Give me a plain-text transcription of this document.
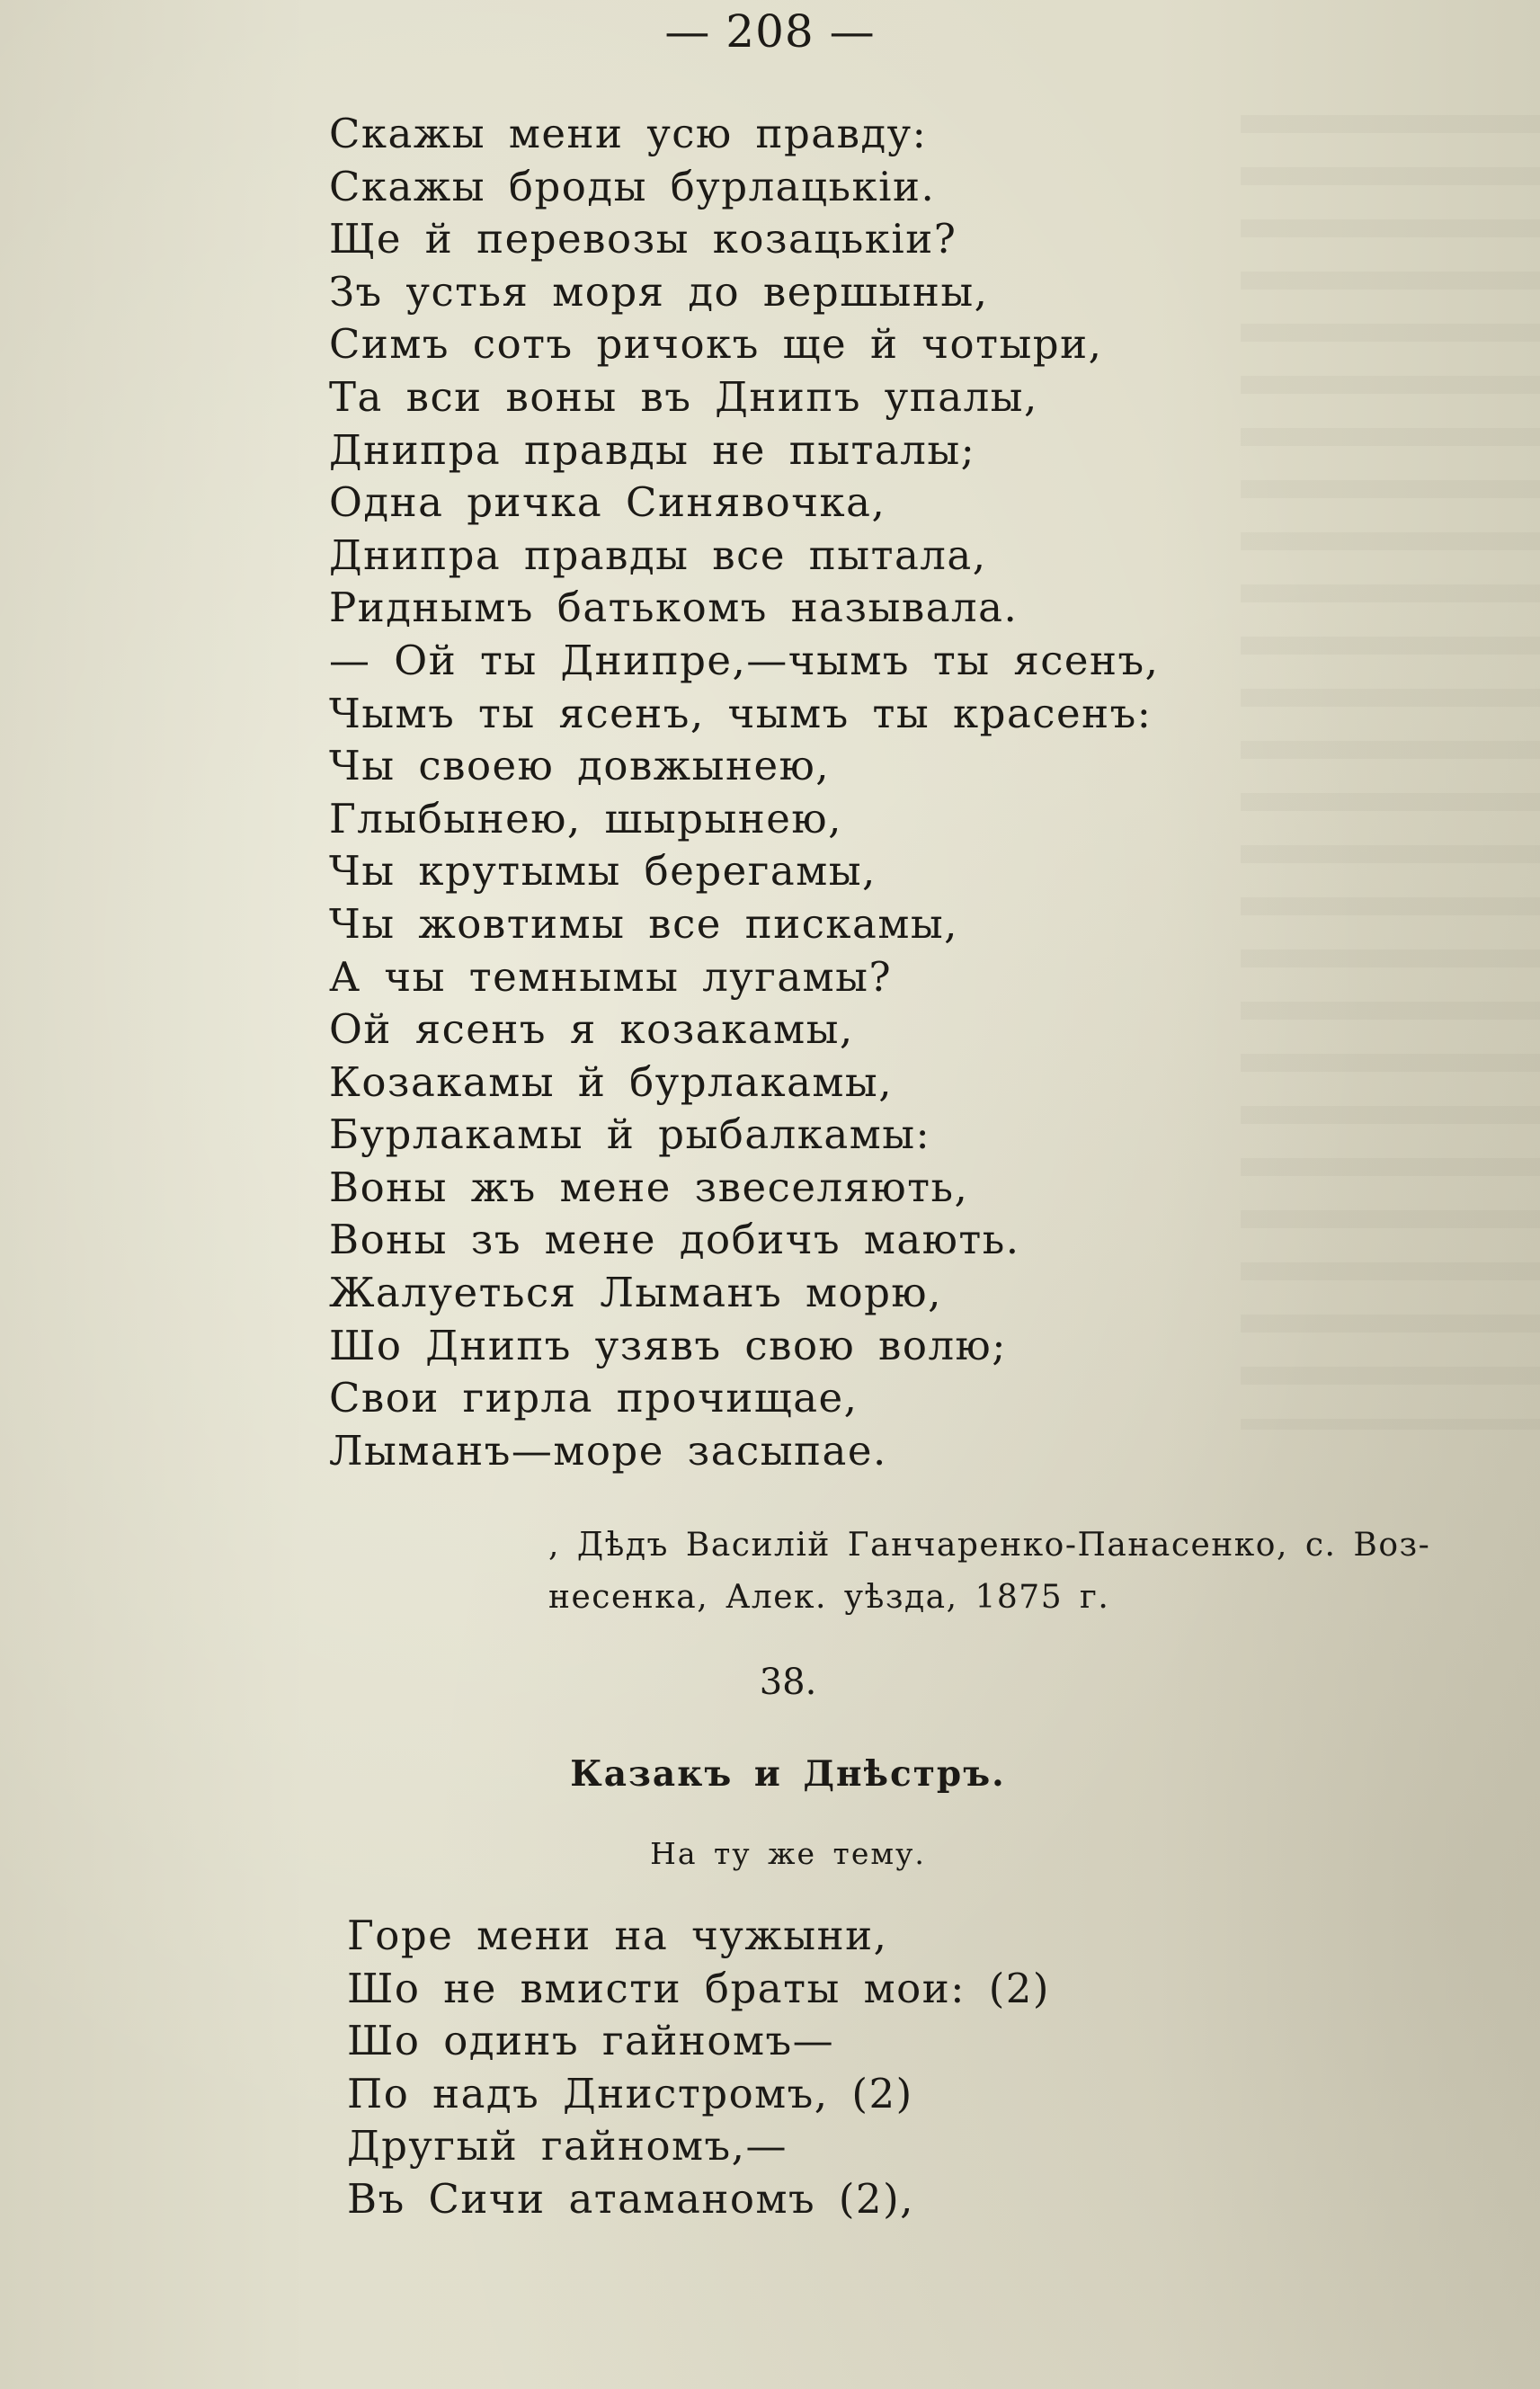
— 208 —
Скажы мени усю правду:
Скажы броды бурлацькiи.
Ще й перевозы козацькiи?
Зъ устья моря до вершыны,
Симъ сотъ ричокъ ще й чотыри,
Та вси воны въ Днипъ упалы,
Днипра правды не пыталы;
Одна ричка Синявочка,
Днипра правды все пытала,
Риднымъ батькомъ называла.
— Ой ты Днипре,—чымъ ты ясенъ,
Чымъ ты ясенъ, чымъ ты красенъ:
Чы своею довжынею,
Глыбынею, шырынею,
Чы крутымы берегамы,
Чы жовтимы все пискамы,
А чы темнымы лугамы?
Ой ясенъ я козакамы,
Козакамы й бурлакамы,
Бурлакамы й рыбалкамы:
Воны жъ мене звеселяють,
Воны зъ мене добичъ мають.
Жалуеться Лыманъ морю,
Шо Днипъ узявъ свою волю;
Свои гирла прочищае,
Лыманъ—море засыпае.
, Дѣдъ Василiй Ганчаренко-Панасенко, с. Воз-
несенка, Алек. уѣзда, 1875 г.
38.
Казакъ и Днѣстръ.
На ту же тему.
Горе мени на чужыни,
Шо не вмисти браты мои: (2)
Шо одинъ гайномъ—
По надъ Днистромъ, (2)
Другый гайномъ,—
Въ Сичи атаманомъ (2),
